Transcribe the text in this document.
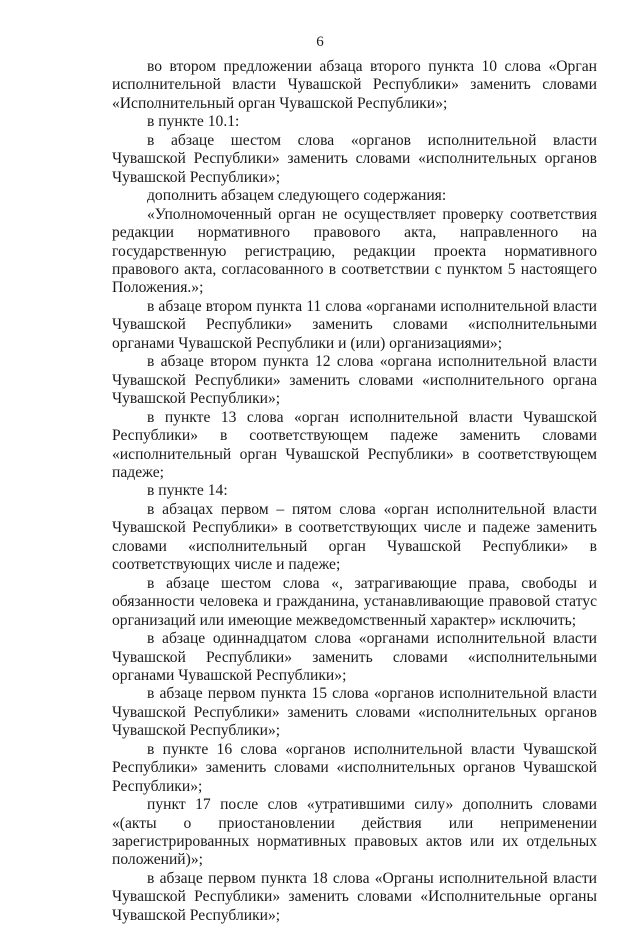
6

во втором предложении абзаца второго пункта 10 слова «Орган исполнительной власти Чувашской Республики» заменить словами «Исполнительный орган Чувашской Республики»;

в пункте 10.1:

в абзаце шестом слова «органов исполнительной власти Чувашской Республики» заменить словами «исполнительных органов Чувашской Республики»;

дополнить абзацем следующего содержания:

«Уполномоченный орган не осуществляет проверку соответствия редакции нормативного правового акта, направленного на государственную регистрацию, редакции проекта нормативного правового акта, согласованного в соответствии с пунктом 5 настоящего Положения.»;

в абзаце втором пункта 11 слова «органами исполнительной власти Чувашской Республики» заменить словами «исполнительными органами Чувашской Республики и (или) организациями»;

в абзаце втором пункта 12 слова «органа исполнительной власти Чувашской Республики» заменить словами «исполнительного органа Чувашской Республики»;

в пункте 13 слова «орган исполнительной власти Чувашской Республики» в соответствующем падеже заменить словами «исполнительный орган Чувашской Республики» в соответствующем падеже;

в пункте 14:

в абзацах первом – пятом слова «орган исполнительной власти Чувашской Республики» в соответствующих числе и падеже заменить словами «исполнительный орган Чувашской Республики» в соответствующих числе и падеже;

в абзаце шестом слова «, затрагивающие права, свободы и обязанности человека и гражданина, устанавливающие правовой статус организаций или имеющие межведомственный характер» исключить;

в абзаце одиннадцатом слова «органами исполнительной власти Чувашской Республики» заменить словами «исполнительными органами Чувашской Республики»;

в абзаце первом пункта 15 слова «органов исполнительной власти Чувашской Республики» заменить словами «исполнительных органов Чувашской Республики»;

в пункте 16 слова «органов исполнительной власти Чувашской Республики» заменить словами «исполнительных органов Чувашской Республики»;

пункт 17 после слов «утратившими силу» дополнить словами «(акты о приостановлении действия или неприменении зарегистрированных нормативных правовых актов или их отдельных положений)»;

в абзаце первом пункта 18 слова «Органы исполнительной власти Чувашской Республики» заменить словами «Исполнительные органы Чувашской Республики»;
